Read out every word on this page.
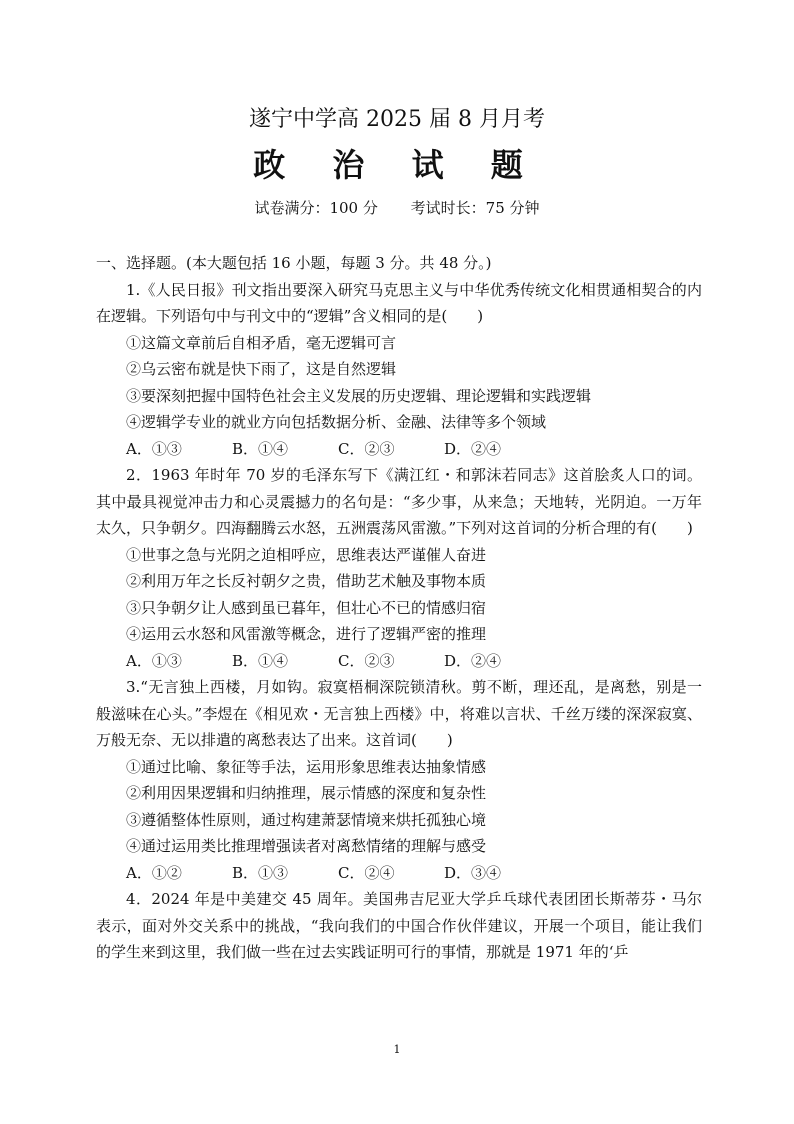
遂宁中学高 2025 届 8 月月考
政 治 试 题
试卷满分：100 分 考试时长：75 分钟

一、选择题。(本大题包括 16 小题，每题 3 分。共 48 分。)

1.《人民日报》刊文指出要深入研究马克思主义与中华优秀传统文化相贯通相契合的内在逻辑。下列语句中与刊文中的“逻辑”含义相同的是(　　)

①这篇文章前后自相矛盾，毫无逻辑可言

②乌云密布就是快下雨了，这是自然逻辑

③要深刻把握中国特色社会主义发展的历史逻辑、理论逻辑和实践逻辑

④逻辑学专业的就业方向包括数据分析、金融、法律等多个领域

A．①③	B．①④	C．②③	D．②④

2．1963 年时年 70 岁的毛泽东写下《满江红・和郭沫若同志》这首脍炙人口的词。其中最具视觉冲击力和心灵震撼力的名句是：“多少事，从来急；天地转，光阴迫。一万年太久，只争朝夕。四海翻腾云水怒，五洲震荡风雷激。”下列对这首词的分析合理的有(　　)

①世事之急与光阴之迫相呼应，思维表达严谨催人奋进

②利用万年之长反衬朝夕之贵，借助艺术触及事物本质

③只争朝夕让人感到虽已暮年，但壮心不已的情感归宿

④运用云水怒和风雷激等概念，进行了逻辑严密的推理

A．①③	B．①④	C．②③	D．②④

3.“无言独上西楼，月如钩。寂寞梧桐深院锁清秋。剪不断，理还乱，是离愁，别是一般滋味在心头。”李煜在《相见欢・无言独上西楼》中，将难以言状、千丝万缕的深深寂寞、万般无奈、无以排遣的离愁表达了出来。这首词(　　)

①通过比喻、象征等手法，运用形象思维表达抽象情感

②利用因果逻辑和归纳推理，展示情感的深度和复杂性

③遵循整体性原则，通过构建萧瑟情境来烘托孤独心境

④通过运用类比推理增强读者对离愁情绪的理解与感受

A．①②	B．①③	C．②④	D．③④

4．2024 年是中美建交 45 周年。美国弗吉尼亚大学乒乓球代表团团长斯蒂芬・马尔表示，面对外交关系中的挑战，“我向我们的中国合作伙伴建议，开展一个项目，能让我们的学生来到这里，我们做一些在过去实践证明可行的事情，那就是 1971 年的‘乒

1
